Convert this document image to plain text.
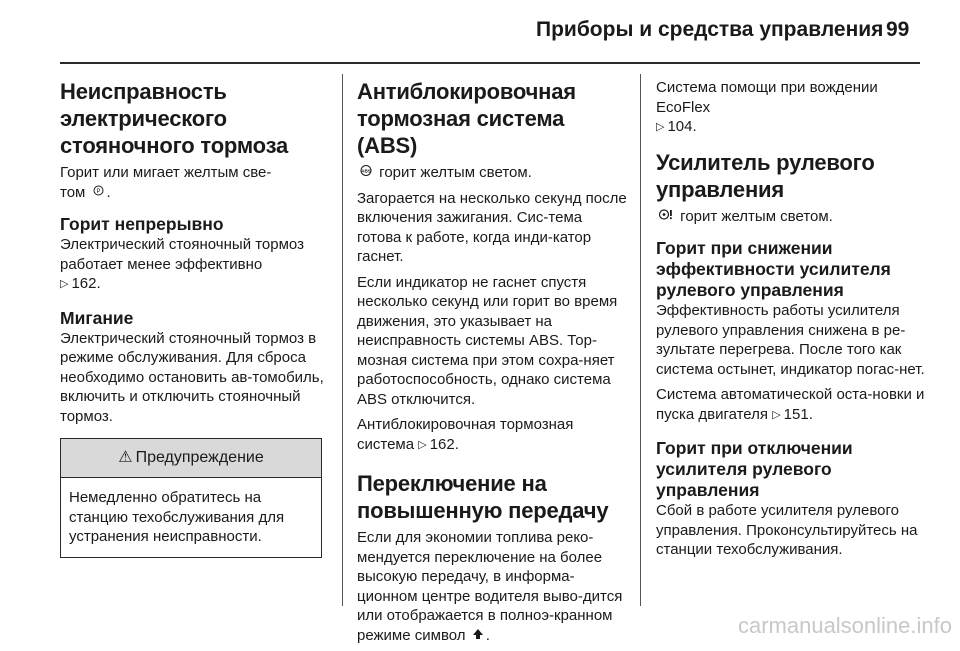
Приборы и средства управления 99
Неисправность электрического стояночного тормоза

Горит или мигает желтым све-
том P .

Горит непрерывно

Электрический стояночный тормоз работает менее эффективно
▷ 162.

Мигание

Электрический стояночный тормоз в режиме обслуживания. Для сброса необходимо остановить ав-томобиль, включить и отключить стояночный тормоз.

⚠ Предупреждение
Немедленно обратитесь на станцию техобслуживания для устранения неисправности.
Антиблокировочная тормозная система (ABS)

ABS горит желтым светом.

Загорается на несколько секунд после включения зажигания. Сис-тема готова к работе, когда инди-катор гаснет.

Если индикатор не гаснет спустя несколько секунд или горит во время движения, это указывает на неисправность системы ABS. Тор-мозная система при этом сохра-няет работоспособность, однако система ABS отключится.

Антиблокировочная тормозная система ▷ 162.

Переключение на повышенную передачу

Если для экономии топлива реко-мендуется переключение на более высокую передачу, в информа-ционном центре водителя выво-дится или отображается в полноэ-кранном режиме символ .

Система помощи при вождении EcoFlex
▷ 104.

Усилитель рулевого управления

горит желтым светом.

Горит при снижении эффективности усилителя рулевого управления

Эффективность работы усилителя рулевого управления снижена в ре-зультате перегрева. После того как система остынет, индикатор погас-нет.

Система автоматической оста-новки и пуска двигателя ▷ 151.

Горит при отключении усилителя рулевого управления

Сбой в работе усилителя рулевого управления. Проконсультируйтесь на станции техобслуживания.

carmanualsonline.info
